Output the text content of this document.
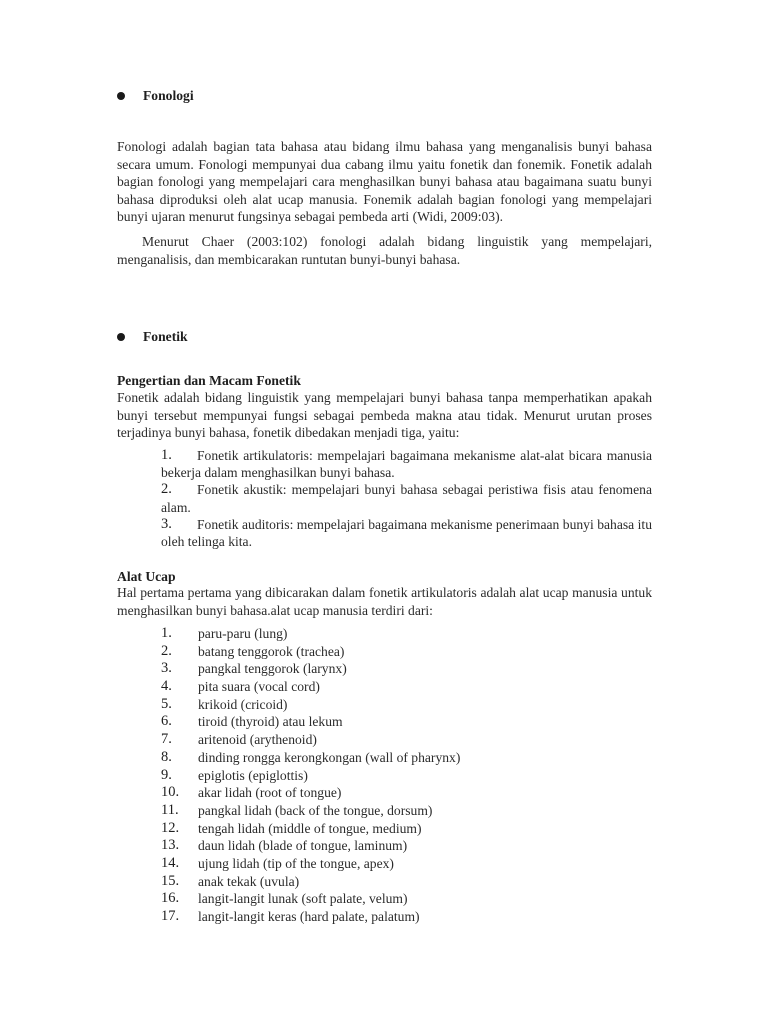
Fonologi

Fonologi adalah bagian tata bahasa atau bidang ilmu bahasa yang menganalisis bunyi bahasa secara umum. Fonologi mempunyai dua cabang ilmu yaitu fonetik dan fonemik. Fonetik adalah bagian fonologi yang mempelajari cara menghasilkan bunyi bahasa atau bagaimana suatu bunyi bahasa diproduksi oleh alat ucap manusia. Fonemik adalah bagian fonologi yang mempelajari bunyi ujaran menurut fungsinya sebagai pembeda arti (Widi, 2009:03).

Menurut Chaer (2003:102) fonologi adalah bidang linguistik yang mempelajari, menganalisis, dan membicarakan runtutan bunyi-bunyi bahasa.

Fonetik
Pengertian dan Macam Fonetik

Fonetik adalah bidang linguistik yang mempelajari bunyi bahasa tanpa memperhatikan apakah bunyi tersebut mempunyai fungsi sebagai pembeda makna atau tidak. Menurut urutan proses terjadinya bunyi bahasa, fonetik dibedakan menjadi tiga, yaitu:

1.	Fonetik artikulatoris: mempelajari bagaimana mekanisme alat-alat bicara manusia bekerja dalam menghasilkan bunyi bahasa.
2.	Fonetik akustik: mempelajari bunyi bahasa sebagai peristiwa fisis atau fenomena alam.
3.	Fonetik auditoris: mempelajari bagaimana mekanisme penerimaan bunyi bahasa itu oleh telinga kita.
Alat Ucap

Hal pertama pertama yang dibicarakan dalam fonetik artikulatoris adalah alat ucap manusia untuk menghasilkan bunyi bahasa.alat ucap manusia terdiri dari:

1. paru-paru (lung)
2. batang tenggorok (trachea)
3. pangkal tenggorok (larynx)
4. pita suara (vocal cord)
5. krikoid (cricoid)
6. tiroid (thyroid) atau lekum
7. aritenoid (arythenoid)
8. dinding rongga kerongkongan (wall of pharynx)
9. epiglotis (epiglottis)
10. akar lidah (root of tongue)
11. pangkal lidah (back of the tongue, dorsum)
12. tengah lidah (middle of tongue, medium)
13. daun lidah (blade of tongue, laminum)
14. ujung lidah (tip of the tongue, apex)
15. anak tekak (uvula)
16. langit-langit lunak (soft palate, velum)
17. langit-langit keras (hard palate, palatum)
